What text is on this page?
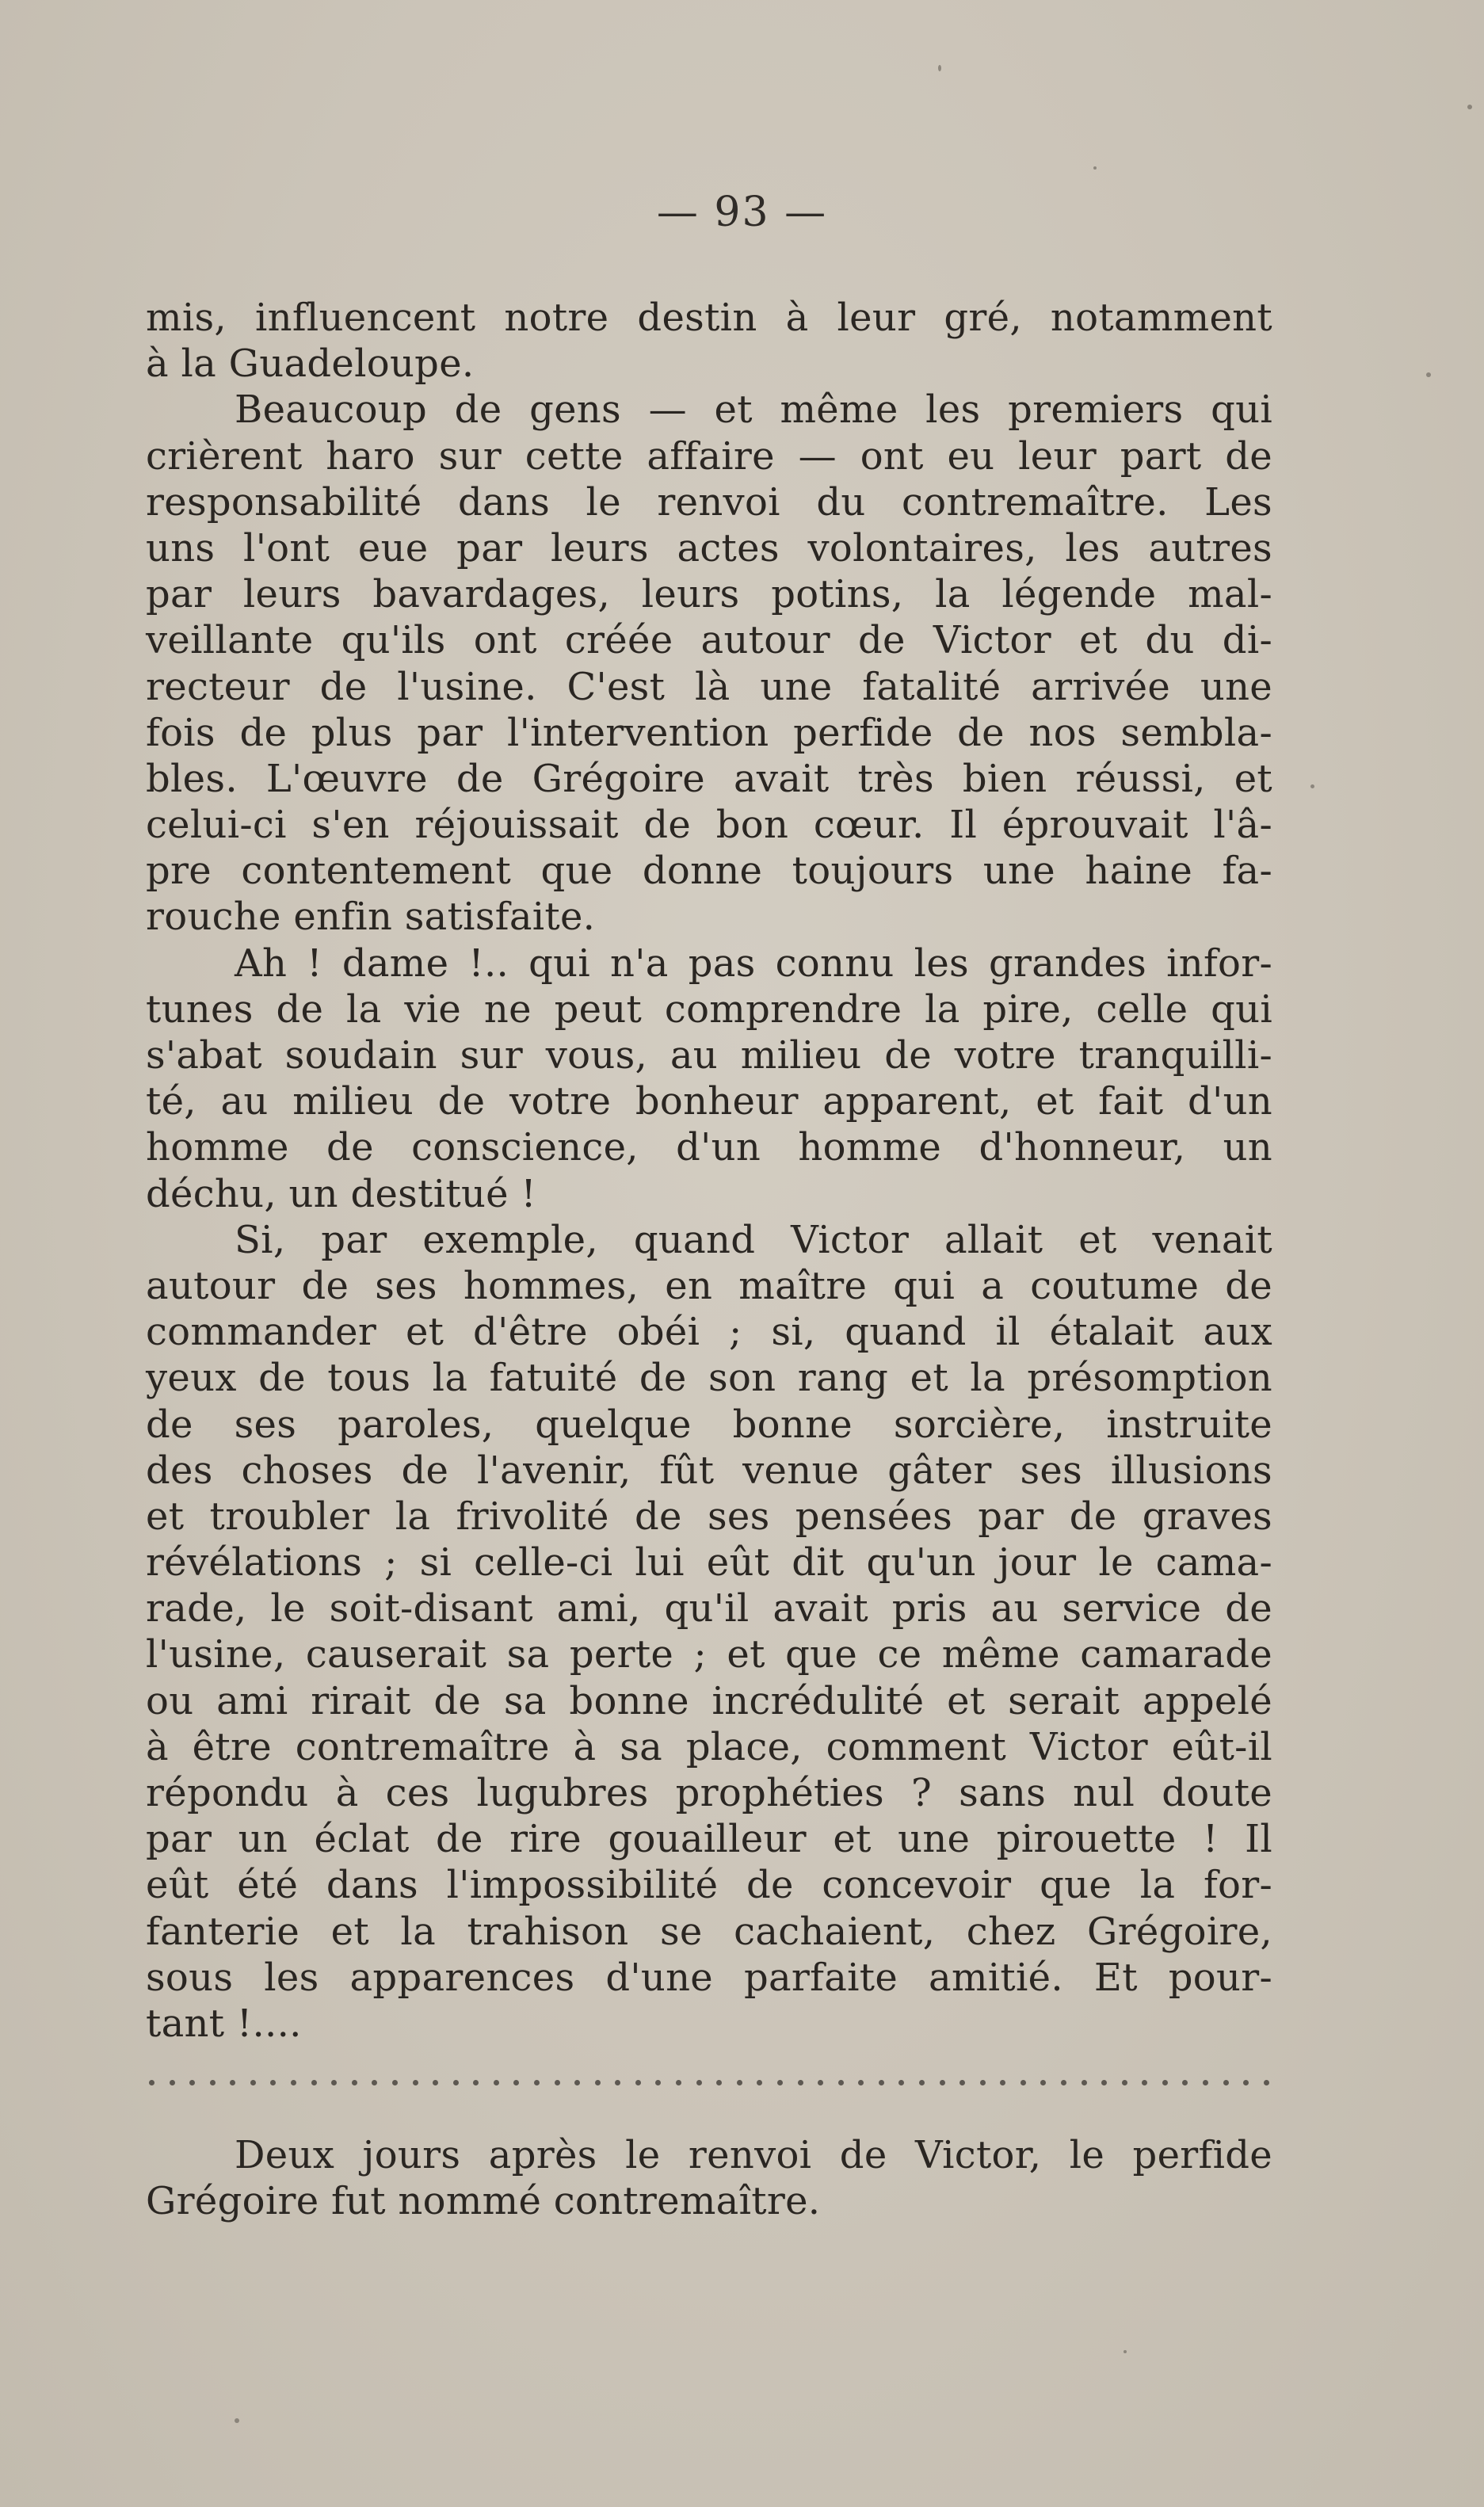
— 93 —
mis, influencent notre destin à leur gré, notamment
à la Guadeloupe.
Beaucoup de gens — et même les premiers qui
crièrent haro sur cette affaire — ont eu leur part de
responsabilité dans le renvoi du contremaître. Les
uns l'ont eue par leurs actes volontaires, les autres
par leurs bavardages, leurs potins, la légende mal-
veillante qu'ils ont créée autour de Victor et du di-
recteur de l'usine. C'est là une fatalité arrivée une
fois de plus par l'intervention perfide de nos sembla-
bles. L'œuvre de Grégoire avait très bien réussi, et
celui-ci s'en réjouissait de bon cœur. Il éprouvait l'â-
pre contentement que donne toujours une haine fa-
rouche enfin satisfaite.
Ah ! dame !.. qui n'a pas connu les grandes infor-
tunes de la vie ne peut comprendre la pire, celle qui
s'abat soudain sur vous, au milieu de votre tranquilli-
té, au milieu de votre bonheur apparent, et fait d'un
homme de conscience, d'un homme d'honneur, un
déchu, un destitué !
Si, par exemple, quand Victor allait et venait
autour de ses hommes, en maître qui a coutume de
commander et d'être obéi ; si, quand il étalait aux
yeux de tous la fatuité de son rang et la présomption
de ses paroles, quelque bonne sorcière, instruite
des choses de l'avenir, fût venue gâter ses illusions
et troubler la frivolité de ses pensées par de graves
révélations ; si celle-ci lui eût dit qu'un jour le cama-
rade, le soit-disant ami, qu'il avait pris au service de
l'usine, causerait sa perte ; et que ce même camarade
ou ami rirait de sa bonne incrédulité et serait appelé
à être contremaître à sa place, comment Victor eût-il
répondu à ces lugubres prophéties ? sans nul doute
par un éclat de rire gouailleur et une pirouette ! Il
eût été dans l'impossibilité de concevoir que la for-
fanterie et la trahison se cachaient, chez Grégoire,
sous les apparences d'une parfaite amitié. Et pour-
tant !....
Deux jours après le renvoi de Victor, le perfide
Grégoire fut nommé contremaître.
